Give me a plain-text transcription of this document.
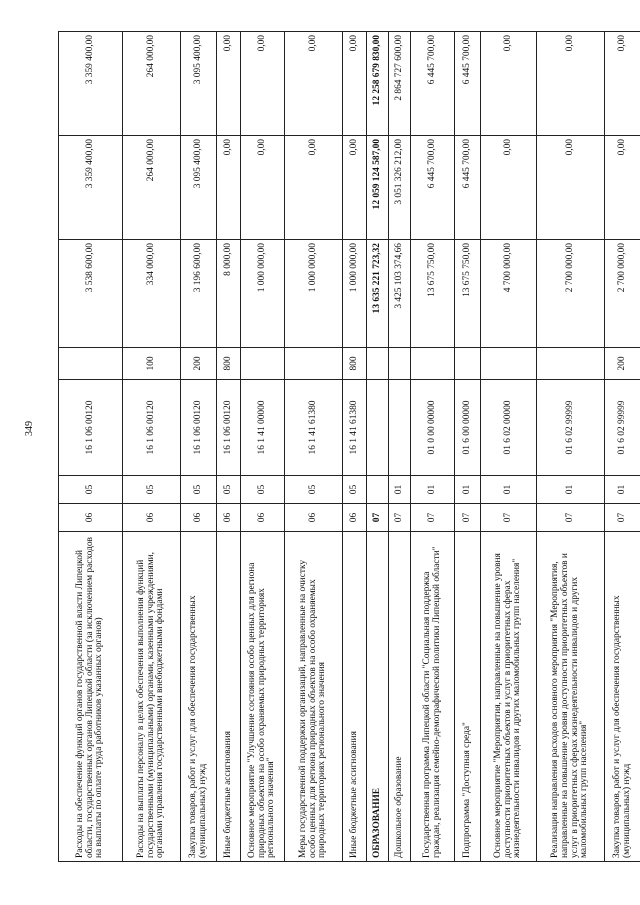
349
Расходы на обеспечение функций органов государственной власти Липецкой области, государственных органов Липецкой области (за исключением расходов на выплаты по оплате труда работников указанных органов)	06	05	16 1 06 00120		3 538 600,00	3 359 400,00	3 359 400,00
Расходы на выплаты персоналу в целях обеспечения выполнения функций государственными (муниципальными) органами, казенными учреждениями, органами управления государственными внебюджетными фондами	06	05	16 1 06 00120	100	334 000,00	264 000,00	264 000,00
Закупка товаров, работ и услуг для обеспечения государственных (муниципальных) нужд	06	05	16 1 06 00120	200	3 196 600,00	3 095 400,00	3 095 400,00
Иные бюджетные ассигнования	06	05	16 1 06 00120	800	8 000,00	0,00	0,00
Основное мероприятие "Улучшение состояния особо ценных для региона природных объектов на особо охраняемых природных территориях регионального значения"	06	05	16 1 41 00000		1 000 000,00	0,00	0,00
Меры государственной поддержки организаций, направленные на очистку особо ценных для региона природных объектов на особо охраняемых природных территориях регионального значения	06	05	16 1 41 61380		1 000 000,00	0,00	0,00
Иные бюджетные ассигнования	06	05	16 1 41 61380	800	1 000 000,00	0,00	0,00
ОБРАЗОВАНИЕ	07				13 635 221 723,32	12 059 124 587,00	12 258 679 830,00
Дошкольное образование	07	01			3 425 103 374,66	3 051 326 212,00	2 864 727 600,00
Государственная программа Липецкой области "Социальная поддержка граждан, реализация семейно-демографической политики Липецкой области"	07	01	01 0 00 00000		13 675 750,00	6 445 700,00	6 445 700,00
Подпрограмма "Доступная среда"	07	01	01 6 00 00000		13 675 750,00	6 445 700,00	6 445 700,00
Основное мероприятие "Мероприятия, направленные на повышение уровня доступности приоритетных объектов и услуг в приоритетных сферах жизнедеятельности инвалидов и других маломобильных групп населения"	07	01	01 6 02 00000		4 700 000,00	0,00	0,00
Реализация направления расходов основного мероприятия "Мероприятия, направленные на повышение уровня доступности приоритетных объектов и услуг в приоритетных сферах жизнедеятельности инвалидов и других маломобильных групп населения"	07	01	01 6 02 99999		2 700 000,00	0,00	0,00
Закупка товаров, работ и услуг для обеспечения государственных (муниципальных) нужд	07	01	01 6 02 99999	200	2 700 000,00	0,00	0,00
